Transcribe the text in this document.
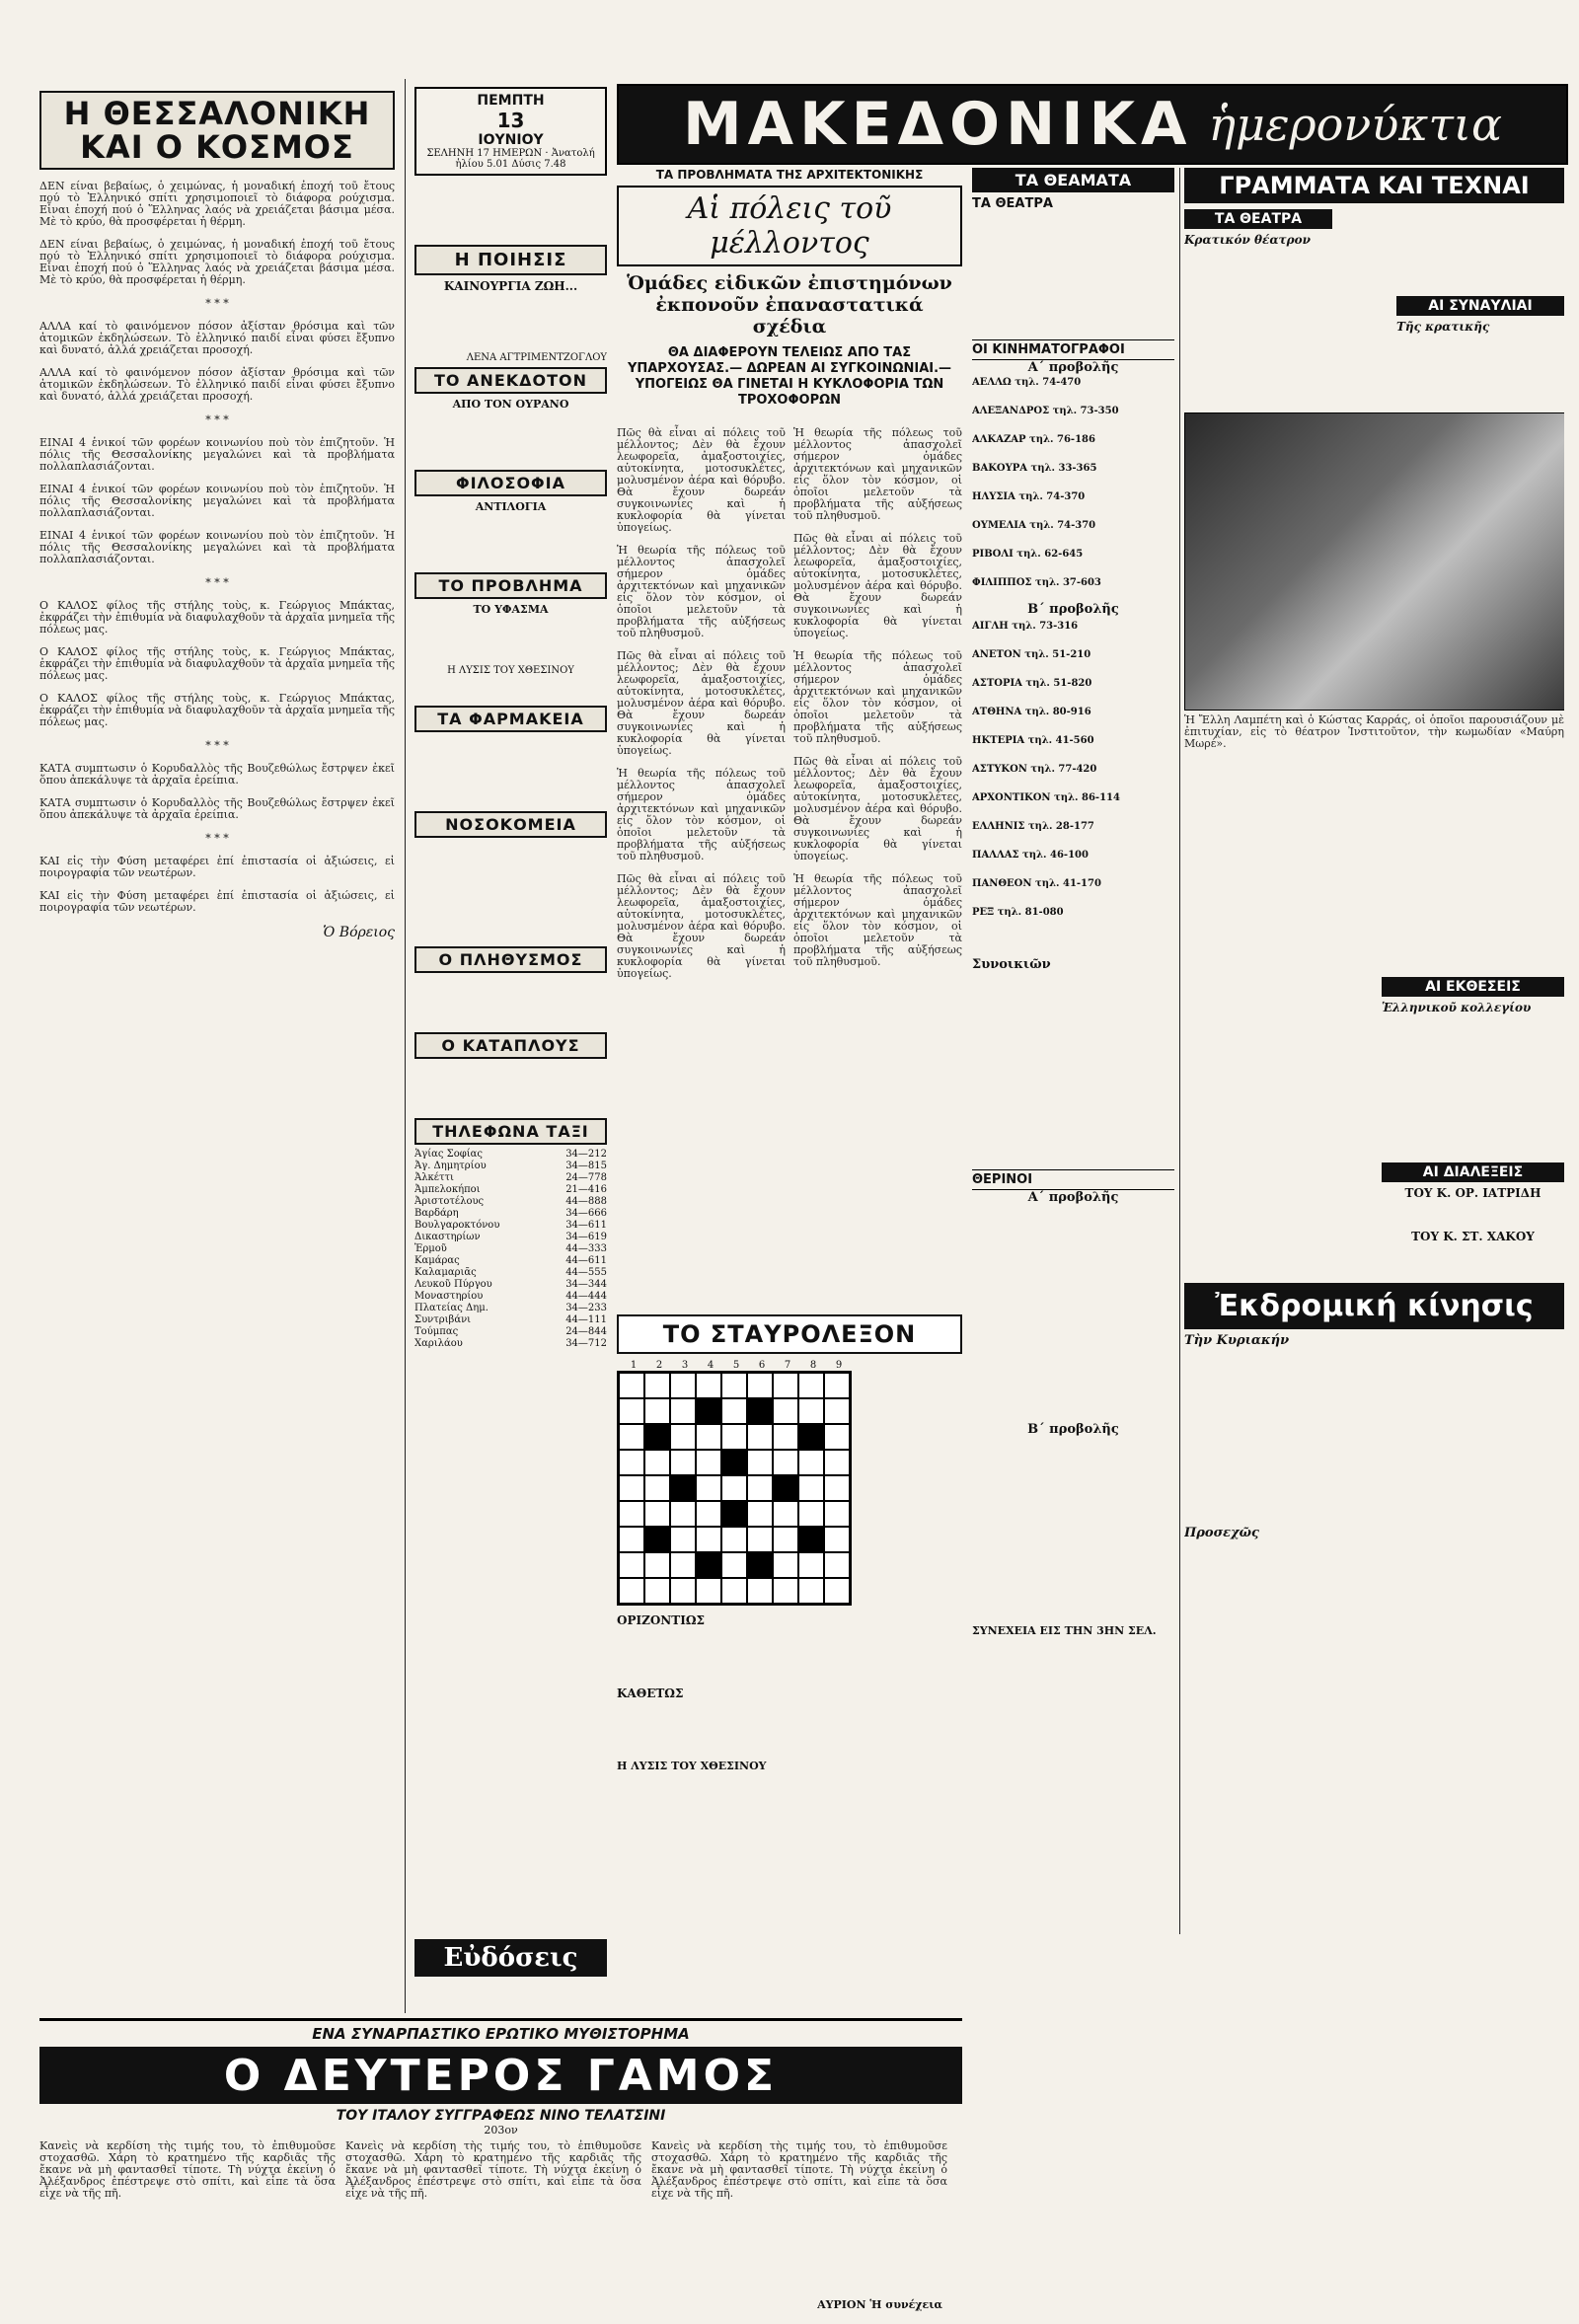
Η ΘΕΣΣΑΛΟΝΙΚΗ
ΚΑΙ Ο ΚΟΣΜΟΣ

ΔΕΝ είναι βεβαίως, ὁ χειμώνας, ἡ μοναδική ἐποχή τοῦ ἔτους πού τὸ Ἑλληνικό σπίτι χρησιμοποιεῖ τὸ διάφορα ρούχισμα. Εἶναι ἐποχή πού ὁ Ἕλληνας λαός νὰ χρειάζεται βάσιμα μέσα. Μὲ τὸ κρύο, θὰ προσφέρεται ἡ θέρμη.

ΔΕΝ είναι βεβαίως, ὁ χειμώνας, ἡ μοναδική ἐποχή τοῦ ἔτους πού τὸ Ἑλληνικό σπίτι χρησιμοποιεῖ τὸ διάφορα ρούχισμα. Εἶναι ἐποχή πού ὁ Ἕλληνας λαός νὰ χρειάζεται βάσιμα μέσα. Μὲ τὸ κρύο, θὰ προσφέρεται ἡ θέρμη.

* * *

ΑΛΛΑ καί τὸ φαινόμενον πόσον ἀξίσταν θρόσιμα καὶ τῶν ἀτομικῶν ἐκδηλώσεων. Τὸ ἑλληνικό παιδί εἶναι φύσει ἔξυπνο καὶ δυνατό, ἀλλά χρειάζεται προσοχή.

ΑΛΛΑ καί τὸ φαινόμενον πόσον ἀξίσταν θρόσιμα καὶ τῶν ἀτομικῶν ἐκδηλώσεων. Τὸ ἑλληνικό παιδί εἶναι φύσει ἔξυπνο καὶ δυνατό, ἀλλά χρειάζεται προσοχή.

* * *

ΕΙΝΑΙ 4 ἑνικοί τῶν φορέων κοινωνίου ποὺ τὸν ἐπιζητοῦν. Ἡ πόλις τῆς Θεσσαλονίκης μεγαλώνει καὶ τὰ προβλήματα πολλαπλασιάζονται.

ΕΙΝΑΙ 4 ἑνικοί τῶν φορέων κοινωνίου ποὺ τὸν ἐπιζητοῦν. Ἡ πόλις τῆς Θεσσαλονίκης μεγαλώνει καὶ τὰ προβλήματα πολλαπλασιάζονται.

ΕΙΝΑΙ 4 ἑνικοί τῶν φορέων κοινωνίου ποὺ τὸν ἐπιζητοῦν. Ἡ πόλις τῆς Θεσσαλονίκης μεγαλώνει καὶ τὰ προβλήματα πολλαπλασιάζονται.

* * *

Ο ΚΑΛΟΣ φίλος τῆς στήλης τοὺς, κ. Γεώργιος Μπάκτας, ἐκφράζει τὴν ἐπιθυμία νὰ διαφυλαχθοῦν τὰ ἀρχαῖα μνημεῖα τῆς πόλεως μας.

Ο ΚΑΛΟΣ φίλος τῆς στήλης τοὺς, κ. Γεώργιος Μπάκτας, ἐκφράζει τὴν ἐπιθυμία νὰ διαφυλαχθοῦν τὰ ἀρχαῖα μνημεῖα τῆς πόλεως μας.

Ο ΚΑΛΟΣ φίλος τῆς στήλης τοὺς, κ. Γεώργιος Μπάκτας, ἐκφράζει τὴν ἐπιθυμία νὰ διαφυλαχθοῦν τὰ ἀρχαῖα μνημεῖα τῆς πόλεως μας.

* * *

ΚΑΤΑ συμπτωσιν ὁ Κορυδαλλὸς τῆς Βουζεθώλως ἔστρψεν ἐκεῖ ὅπου ἀπεκάλυψε τὰ ἀρχαῖα ἐρείπια.

ΚΑΤΑ συμπτωσιν ὁ Κορυδαλλὸς τῆς Βουζεθώλως ἔστρψεν ἐκεῖ ὅπου ἀπεκάλυψε τὰ ἀρχαῖα ἐρείπια.

* * *

ΚΑΙ εἰς τὴν Φύση μεταφέρει ἐπί ἐπιστασία οἱ ἀξιώσεις, εἰ ποιρογραφία τῶν νεωτέρων.

ΚΑΙ εἰς τὴν Φύση μεταφέρει ἐπί ἐπιστασία οἱ ἀξιώσεις, εἰ ποιρογραφία τῶν νεωτέρων.

Ὁ Βόρειος
ΠΕΜΠΤΗ
13
ΙΟΥΝΙΟΥ
ΣΕΛΗΝΗ 17 ΗΜΕΡΩΝ · Ἀνατολή ἡλίου 5.01 Δύσις 7.48
Η ΠΟΙΗΣΙΣ
ΚΑΙΝΟΥΡΓΙΑ ΖΩΗ...
ΛΕΝΑ ΑΓΤΡΙΜΕΝΤΖΟΓΛΟΥ
ΤΟ ΑΝΕΚΔΟΤΟΝ
ΑΠΟ ΤΟΝ ΟΥΡΑΝΟ
ΦΙΛΟΣΟΦΙΑ
ΑΝΤΙΛΟΓΙΑ
ΤΟ ΠΡΟΒΛΗΜΑ
ΤΟ ΥΦΑΣΜΑ
Η ΛΥΣΙΣ ΤΟΥ ΧΘΕΣΙΝΟΥ
ΤΑ ΦΑΡΜΑΚΕΙΑ
ΝΟΣΟΚΟΜΕΙΑ
Ο ΠΛΗΘΥΣΜΟΣ
Ο ΚΑΤΑΠΛΟΥΣ
ΤΗΛΕΦΩΝΑ ΤΑΞΙ
Ἁγίας Σοφίας	34—212
Ἀγ. Δημητρίου	34—815
Ἀλκέττι	24—778
Ἀμπελοκήποι	21—416
Ἀριστοτέλους	44—888
Βαρδάρη	34—666
Βουλγαροκτόνου	34—611
Δικαστηρίων	34—619
Ἑρμοῦ	44—333
Καμάρας	44—611
Καλαμαριᾶς	44—555
Λευκοῦ Πύργου	34—344
Μοναστηρίου	44—444
Πλατείας Δημ.	34—233
Συντριβάνι	44—111
Τούμπας	24—844
Χαριλάου	34—712
ΜΑΚΕΔΟΝΙΚΑ ἡμερονύκτια
ΤΑ ΠΡΟΒΛΗΜΑΤΑ ΤΗΣ ΑΡΧΙΤΕΚΤΟΝΙΚΗΣ
Αἱ πόλεις τοῦ μέλλοντος
Ὁμάδες εἰδικῶν ἐπιστημόνων ἐκπονοῦν ἐπαναστατικά σχέδια
ΘΑ ΔΙΑΦΕΡΟΥΝ ΤΕΛΕΙΩΣ ΑΠΟ ΤΑΣ ΥΠΑΡΧΟΥΣΑΣ.— ΔΩΡΕΑΝ ΑΙ ΣΥΓΚΟΙΝΩΝΙΑΙ.— ΥΠΟΓΕΙΩΣ ΘΑ ΓΙΝΕΤΑΙ Η ΚΥΚΛΟΦΟΡΙΑ ΤΩΝ ΤΡΟΧΟΦΟΡΩΝ

Πῶς θὰ εἶναι αἱ πόλεις τοῦ μέλλοντος; Δὲν θὰ ἔχουν λεωφορεῖα, ἀμαξοστοιχίες, αὐτοκίνητα, μοτοσυκλέτες, μολυσμένον ἀέρα καὶ θόρυβο. Θὰ ἔχουν δωρεάν συγκοινωνίες καὶ ἡ κυκλοφορία θὰ γίνεται ὑπογείως.

Ἡ θεωρία τῆς πόλεως τοῦ μέλλοντος ἀπασχολεῖ σήμερον ὁμάδες ἀρχιτεκτόνων καὶ μηχανικῶν εἰς ὅλον τὸν κόσμον, οἱ ὁποῖοι μελετοῦν τὰ προβλήματα τῆς αὐξήσεως τοῦ πληθυσμοῦ.

Πῶς θὰ εἶναι αἱ πόλεις τοῦ μέλλοντος; Δὲν θὰ ἔχουν λεωφορεῖα, ἀμαξοστοιχίες, αὐτοκίνητα, μοτοσυκλέτες, μολυσμένον ἀέρα καὶ θόρυβο. Θὰ ἔχουν δωρεάν συγκοινωνίες καὶ ἡ κυκλοφορία θὰ γίνεται ὑπογείως.

Ἡ θεωρία τῆς πόλεως τοῦ μέλλοντος ἀπασχολεῖ σήμερον ὁμάδες ἀρχιτεκτόνων καὶ μηχανικῶν εἰς ὅλον τὸν κόσμον, οἱ ὁποῖοι μελετοῦν τὰ προβλήματα τῆς αὐξήσεως τοῦ πληθυσμοῦ.

Πῶς θὰ εἶναι αἱ πόλεις τοῦ μέλλοντος; Δὲν θὰ ἔχουν λεωφορεῖα, ἀμαξοστοιχίες, αὐτοκίνητα, μοτοσυκλέτες, μολυσμένον ἀέρα καὶ θόρυβο. Θὰ ἔχουν δωρεάν συγκοινωνίες καὶ ἡ κυκλοφορία θὰ γίνεται ὑπογείως.

Ἡ θεωρία τῆς πόλεως τοῦ μέλλοντος ἀπασχολεῖ σήμερον ὁμάδες ἀρχιτεκτόνων καὶ μηχανικῶν εἰς ὅλον τὸν κόσμον, οἱ ὁποῖοι μελετοῦν τὰ προβλήματα τῆς αὐξήσεως τοῦ πληθυσμοῦ.

Πῶς θὰ εἶναι αἱ πόλεις τοῦ μέλλοντος; Δὲν θὰ ἔχουν λεωφορεῖα, ἀμαξοστοιχίες, αὐτοκίνητα, μοτοσυκλέτες, μολυσμένον ἀέρα καὶ θόρυβο. Θὰ ἔχουν δωρεάν συγκοινωνίες καὶ ἡ κυκλοφορία θὰ γίνεται ὑπογείως.

Ἡ θεωρία τῆς πόλεως τοῦ μέλλοντος ἀπασχολεῖ σήμερον ὁμάδες ἀρχιτεκτόνων καὶ μηχανικῶν εἰς ὅλον τὸν κόσμον, οἱ ὁποῖοι μελετοῦν τὰ προβλήματα τῆς αὐξήσεως τοῦ πληθυσμοῦ.

Πῶς θὰ εἶναι αἱ πόλεις τοῦ μέλλοντος; Δὲν θὰ ἔχουν λεωφορεῖα, ἀμαξοστοιχίες, αὐτοκίνητα, μοτοσυκλέτες, μολυσμένον ἀέρα καὶ θόρυβο. Θὰ ἔχουν δωρεάν συγκοινωνίες καὶ ἡ κυκλοφορία θὰ γίνεται ὑπογείως.

Ἡ θεωρία τῆς πόλεως τοῦ μέλλοντος ἀπασχολεῖ σήμερον ὁμάδες ἀρχιτεκτόνων καὶ μηχανικῶν εἰς ὅλον τὸν κόσμον, οἱ ὁποῖοι μελετοῦν τὰ προβλήματα τῆς αὐξήσεως τοῦ πληθυσμοῦ.

ΤΟ ΣΤΑΥΡΟΛΕΞΟΝ
1	2	3	4	5	6	7	8	9
ΟΡΙΖΟΝΤΙΩΣ
ΚΑΘΕΤΩΣ
Η ΛΥΣΙΣ ΤΟΥ ΧΘΕΣΙΝΟΥ
ΤΑ ΘΕΑΜΑΤΑ
ΤΑ ΘΕΑΤΡΑ
ΟΙ ΚΙΝΗΜΑΤΟΓΡΑΦΟΙ
Α΄ προβολῆς
ΑΕΛΛΩ τηλ. 74-470
ΑΛΕΞΑΝΔΡΟΣ τηλ. 73-350
ΑΛΚΑΖΑΡ τηλ. 76-186
ΒΑΚΟΥΡΑ τηλ. 33-365
ΗΛΥΣΙΑ τηλ. 74-370
ΟΥΜΕΛΙΑ τηλ. 74-370
ΡΙΒΟΛΙ τηλ. 62-645
ΦΙΛΙΠΠΟΣ τηλ. 37-603
Β΄ προβολῆς
ΑΙΓΛΗ τηλ. 73-316
ΑΝΕΤΟΝ τηλ. 51-210
ΑΣΤΟΡΙΑ τηλ. 51-820
ΑΤΘΗΝΑ τηλ. 80-916
ΗΚΤΕΡΙΑ τηλ. 41-560
ΑΣΤΥΚΟΝ τηλ. 77-420
ΑΡΧΟΝΤΙΚΟΝ τηλ. 86-114
ΕΛΛΗΝΙΣ τηλ. 28-177
ΠΑΛΛΑΣ τηλ. 46-100
ΠΑΝΘΕΟΝ τηλ. 41-170
ΡΕΞ τηλ. 81-080
Συνοικιῶν
ΘΕΡΙΝΟΙ
Α΄ προβολῆς
Β΄ προβολῆς
ΣΥΝΕΧΕΙΑ ΕΙΣ ΤΗΝ 3ΗΝ ΣΕΛ.
ΓΡΑΜΜΑΤΑ ΚΑΙ ΤΕΧΝΑΙ
ΤΑ ΘΕΑΤΡΑ
Κρατικόν θέατρον
ΑΙ ΣΥΝΑΥΛΙΑΙ
Τῆς κρατικῆς
Ἡ Ἔλλη Λαμπέτη καὶ ὁ Κώστας Καρράς, οἱ ὁποῖοι παρουσιάζουν μὲ ἐπιτυχίαν, εἰς τὸ θέατρον Ἰνστιτοῦτον, τὴν κωμωδίαν «Μαύρη Μωρέ».
ΑΙ ΕΚΘΕΣΕΙΣ
Ἑλληνικοῦ κολλεγίου
ΑΙ ΔΙΑΛΕΞΕΙΣ
ΤΟΥ Κ. ΟΡ. ΙΑΤΡΙΔΗ
ΤΟΥ Κ. ΣΤ. ΧΑΚΟΥ
Ἐκδρομική κίνησις
Τὴν Κυριακήν
Προσεχῶς
Εὐδόσεις
ΕΝΑ ΣΥΝΑΡΠΑΣΤΙΚΟ ΕΡΩΤΙΚΟ ΜΥΘΙΣΤΟΡΗΜΑ
Ο ΔΕΥΤΕΡΟΣ ΓΑΜΟΣ
ΤΟΥ ΙΤΑΛΟΥ ΣΥΓΓΡΑΦΕΩΣ ΝΙΝΟ ΤΕΛΑΤΣΙΝΙ
203ον

Κανεὶς νὰ κερδίση τὴς τιμής του, τὸ ἐπιθυμοῦσε στοχασθῶ. Χάρη τὸ κρατημένο τῆς καρδιᾶς τῆς ἔκανε νὰ μὴ φαντασθεῖ τίποτε. Τὴ νύχτα ἐκείνη ὁ Ἀλέξανδρος ἐπέστρεψε στὸ σπίτι, καὶ εἶπε τὰ ὅσα εἶχε νὰ τῆς πῆ.

Κανεὶς νὰ κερδίση τὴς τιμής του, τὸ ἐπιθυμοῦσε στοχασθῶ. Χάρη τὸ κρατημένο τῆς καρδιᾶς τῆς ἔκανε νὰ μὴ φαντασθεῖ τίποτε. Τὴ νύχτα ἐκείνη ὁ Ἀλέξανδρος ἐπέστρεψε στὸ σπίτι, καὶ εἶπε τὰ ὅσα εἶχε νὰ τῆς πῆ.

Κανεὶς νὰ κερδίση τὴς τιμής του, τὸ ἐπιθυμοῦσε στοχασθῶ. Χάρη τὸ κρατημένο τῆς καρδιᾶς τῆς ἔκανε νὰ μὴ φαντασθεῖ τίποτε. Τὴ νύχτα ἐκείνη ὁ Ἀλέξανδρος ἐπέστρεψε στὸ σπίτι, καὶ εἶπε τὰ ὅσα εἶχε νὰ τῆς πῆ.

ΑΥΡΙΟΝ Ἡ συνέχεια
